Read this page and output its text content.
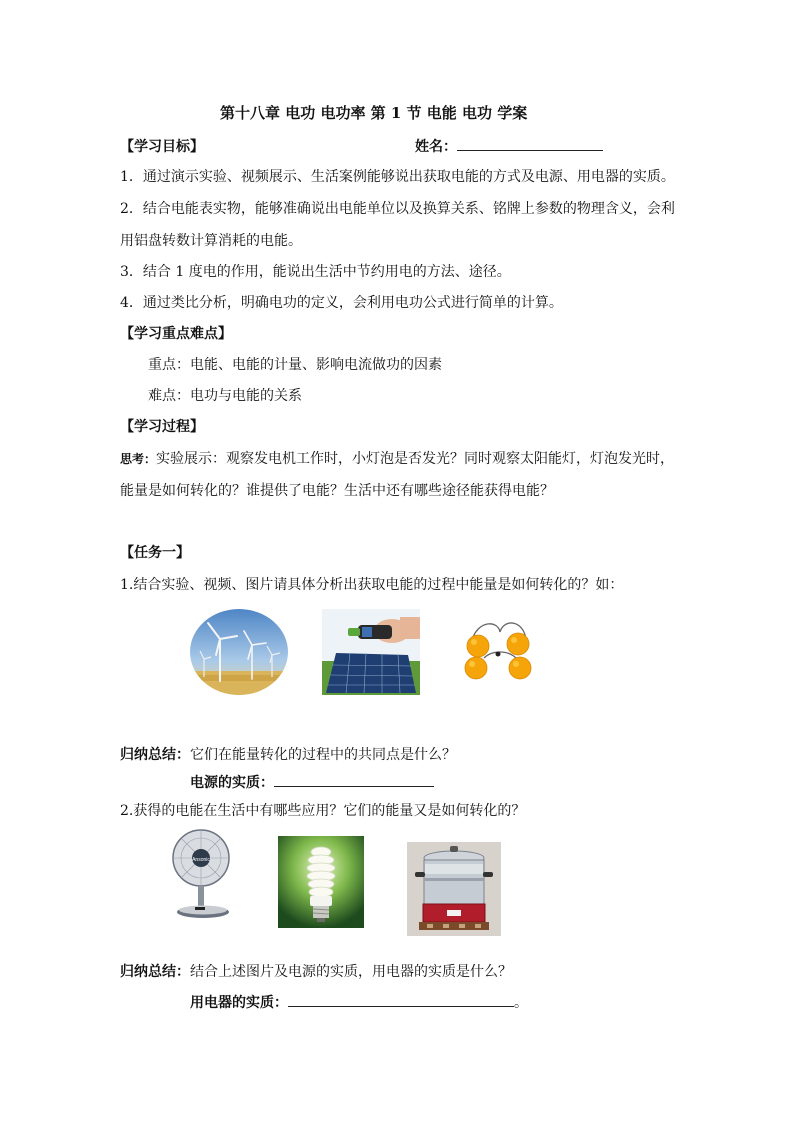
第十八章 电功 电功率 第 1 节 电能 电功 学案
【学习目标】	姓名：
1．通过演示实验、视频展示、生活案例能够说出获取电能的方式及电源、用电器的实质。
2．结合电能表实物，能够准确说出电能单位以及换算关系、铭牌上参数的物理含义，会利
用铝盘转数计算消耗的电能。
3．结合 1 度电的作用，能说出生活中节约用电的方法、途径。
4．通过类比分析，明确电功的定义，会利用电功公式进行简单的计算。
【学习重点难点】
重点：电能、电能的计量、影响电流做功的因素
难点：电功与电能的关系
【学习过程】
思考：实验展示：观察发电机工作时，小灯泡是否发光？同时观察太阳能灯，灯泡发光时，
能量是如何转化的？谁提供了电能？生活中还有哪些途径能获得电能？
【任务一】
1.结合实验、视频、图片请具体分析出获取电能的过程中能量是如何转化的？如：
归纳总结：它们在能量转化的过程中的共同点是什么？
电源的实质：
2.获得的电能在生活中有哪些应用？它们的能量又是如何转化的？
Ansonic
归纳总结：结合上述图片及电源的实质，用电器的实质是什么？
用电器的实质：	。
